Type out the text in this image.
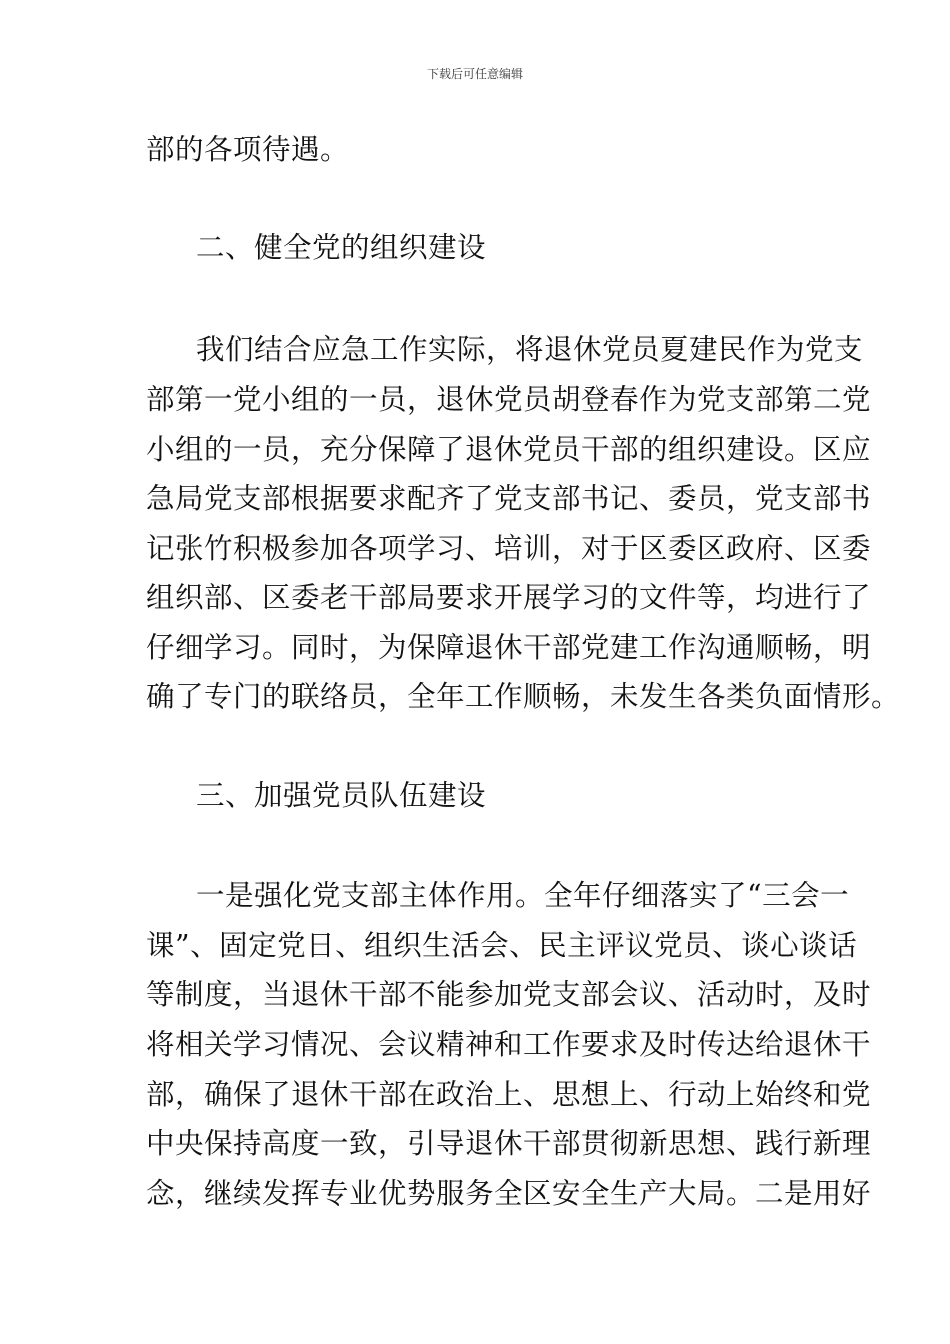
下载后可任意编辑
部的各项待遇。
二、健全党的组织建设
我们结合应急工作实际，将退休党员夏建民作为党支
部第一党小组的一员，退休党员胡登春作为党支部第二党
小组的一员，充分保障了退休党员干部的组织建设。区应
急局党支部根据要求配齐了党支部书记、委员，党支部书
记张竹积极参加各项学习、培训，对于区委区政府、区委
组织部、区委老干部局要求开展学习的文件等，均进行了
仔细学习。同时，为保障退休干部党建工作沟通顺畅，明
确了专门的联络员，全年工作顺畅，未发生各类负面情形。
三、加强党员队伍建设
一是强化党支部主体作用。全年仔细落实了“三会一
课”、固定党日、组织生活会、民主评议党员、谈心谈话
等制度，当退休干部不能参加党支部会议、活动时，及时
将相关学习情况、会议精神和工作要求及时传达给退休干
部，确保了退休干部在政治上、思想上、行动上始终和党
中央保持高度一致，引导退休干部贯彻新思想、践行新理
念，继续发挥专业优势服务全区安全生产大局。二是用好
